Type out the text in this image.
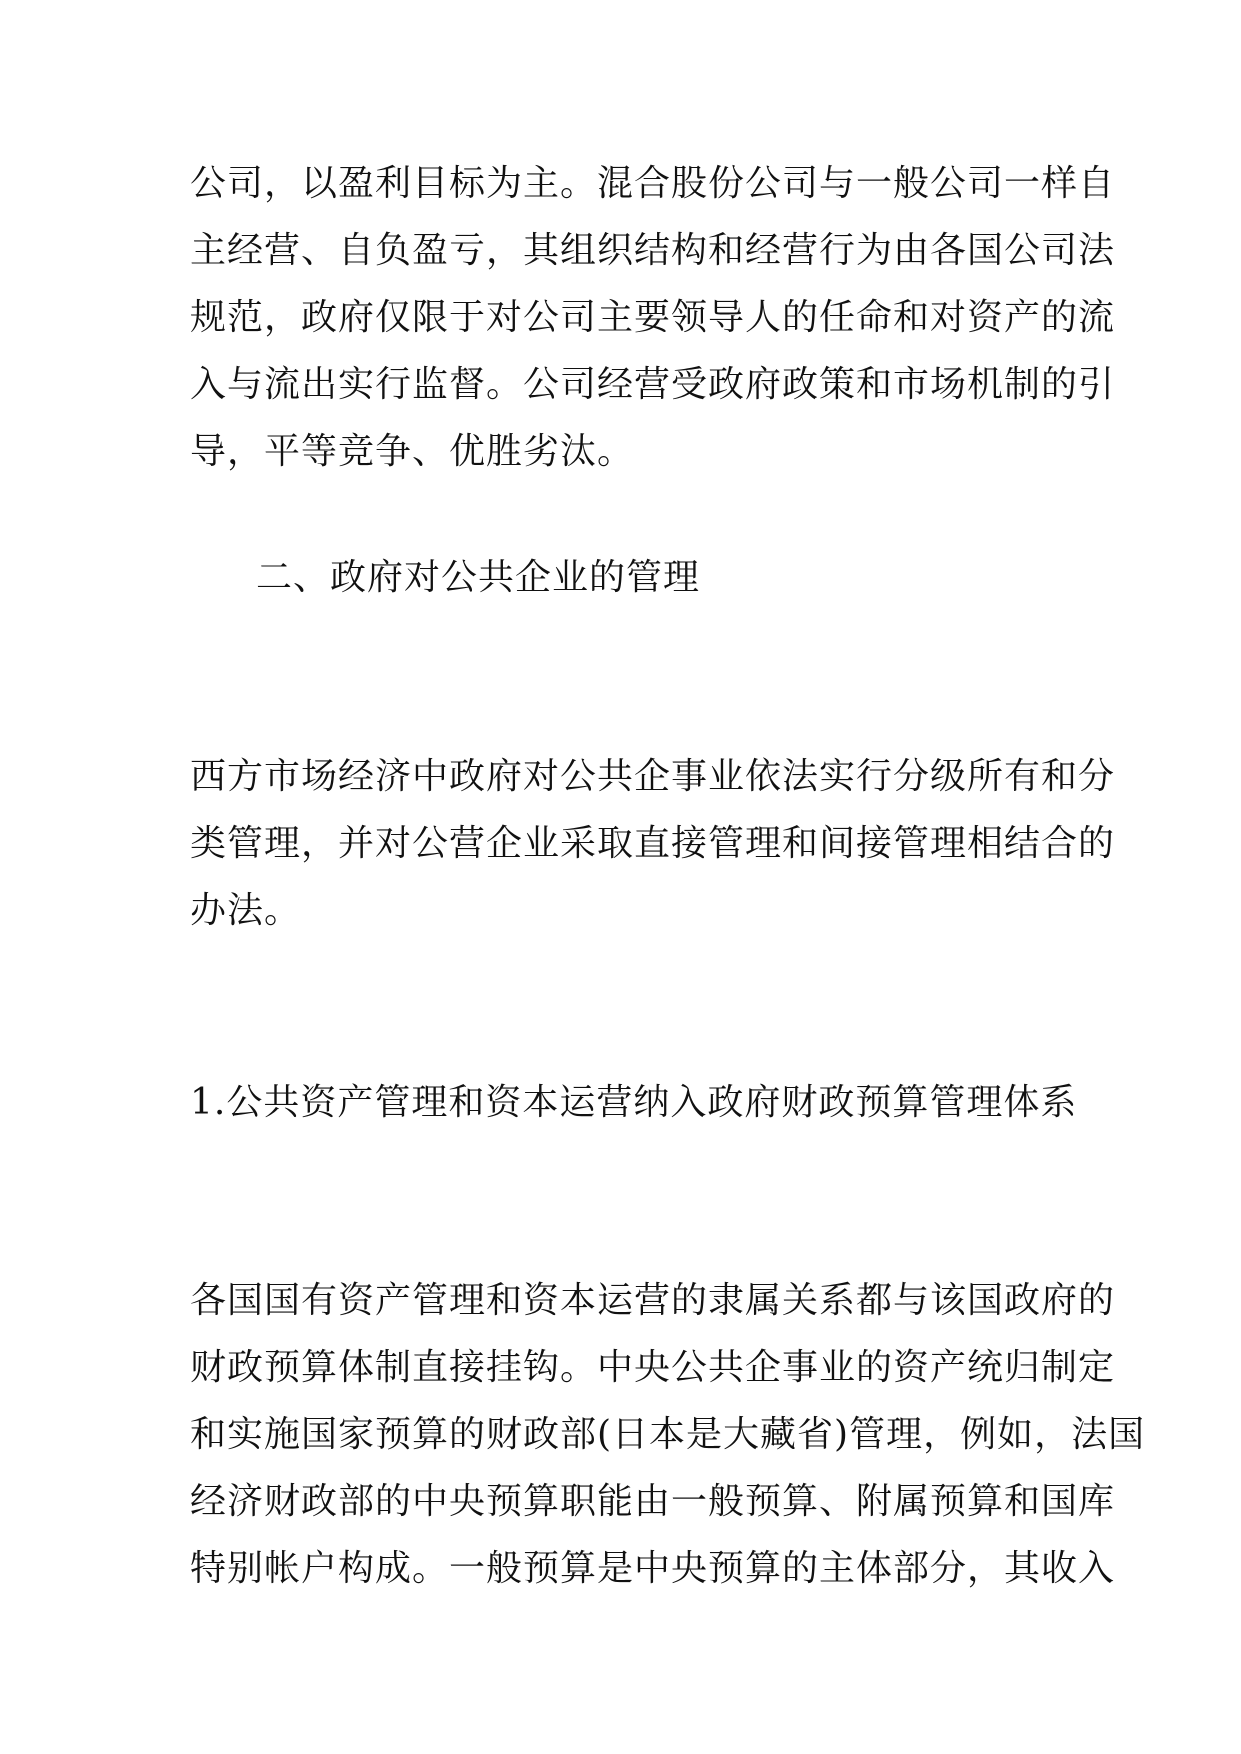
公司，以盈利目标为主。混合股份公司与一般公司一样自
主经营、自负盈亏，其组织结构和经营行为由各国公司法
规范，政府仅限于对公司主要领导人的任命和对资产的流
入与流出实行监督。公司经营受政府政策和市场机制的引
导，平等竞争、优胜劣汰。
二、政府对公共企业的管理
西方市场经济中政府对公共企事业依法实行分级所有和分
类管理，并对公营企业采取直接管理和间接管理相结合的
办法。
1.公共资产管理和资本运营纳入政府财政预算管理体系
各国国有资产管理和资本运营的隶属关系都与该国政府的
财政预算体制直接挂钩。中央公共企事业的资产统归制定
和实施国家预算的财政部(日本是大藏省)管理，例如，法国
经济财政部的中央预算职能由一般预算、附属预算和国库
特别帐户构成。一般预算是中央预算的主体部分，其收入
